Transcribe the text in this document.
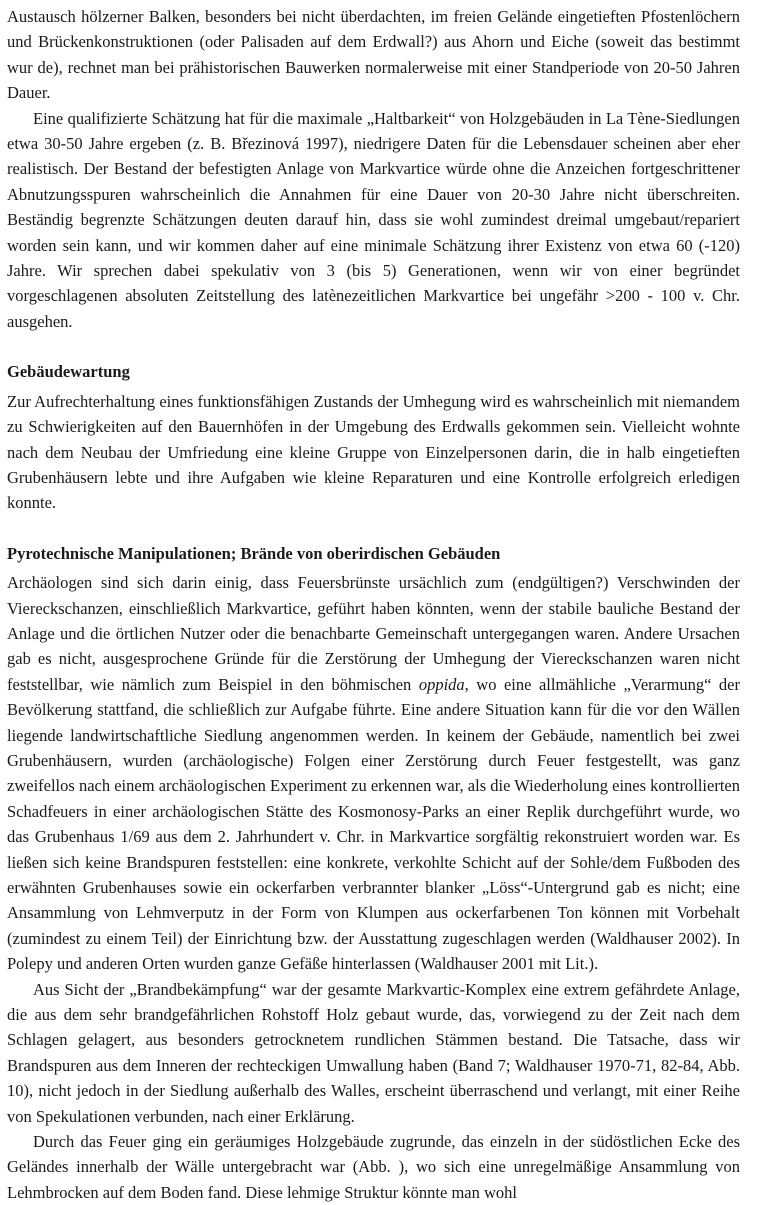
Austausch hölzerner Balken, besonders bei nicht überdachten, im freien Gelände eingetieften Pfostenlöchern und Brückenkonstruktionen (oder Palisaden auf dem Erdwall?) aus Ahorn und Eiche (soweit das bestimmt wur de), rechnet man bei prähistorischen Bauwerken normalerweise mit einer Standperiode von 20-50 Jahren Dauer.

Eine qualifizierte Schätzung hat für die maximale „Haltbarkeit“ von Holzgebäuden in La Tène-Siedlungen etwa 30-50 Jahre ergeben (z. B. Březinová 1997), niedrigere Daten für die Lebensdauer scheinen aber eher realistisch. Der Bestand der befestigten Anlage von Markvartice würde ohne die Anzeichen fortgeschrittener Abnutzungsspuren wahrscheinlich die Annahmen für eine Dauer von 20-30 Jahre nicht überschreiten. Beständig begrenzte Schätzungen deuten darauf hin, dass sie wohl zumindest dreimal umgebaut/repariert worden sein kann, und wir kommen daher auf eine minimale Schätzung ihrer Existenz von etwa 60 (-120) Jahre. Wir sprechen dabei spekulativ von 3 (bis 5) Generationen, wenn wir von einer begründet vorgeschlagenen absoluten Zeitstellung des latènezeitlichen Markvartice bei ungefähr >200 - 100 v. Chr. ausgehen.

Gebäudewartung

Zur Aufrechterhaltung eines funktionsfähigen Zustands der Umhegung wird es wahrscheinlich mit niemandem zu Schwierigkeiten auf den Bauernhöfen in der Umgebung des Erdwalls gekommen sein. Vielleicht wohnte nach dem Neubau der Umfriedung eine kleine Gruppe von Einzelpersonen darin, die in halb eingetieften Grubenhäusern lebte und ihre Aufgaben wie kleine Reparaturen und eine Kontrolle erfolgreich erledigen konnte.

Pyrotechnische Manipulationen; Brände von oberirdischen Gebäuden

Archäologen sind sich darin einig, dass Feuersbrünste ursächlich zum (endgültigen?) Verschwinden der Viereckschanzen, einschließlich Markvartice, geführt haben könnten, wenn der stabile bauliche Bestand der Anlage und die örtlichen Nutzer oder die benachbarte Gemeinschaft untergegangen waren. Andere Ursachen gab es nicht, ausgesprochene Gründe für die Zerstörung der Umhegung der Viereckschanzen waren nicht feststellbar, wie nämlich zum Beispiel in den böhmischen oppida, wo eine allmähliche „Verarmung“ der Bevölkerung stattfand, die schließlich zur Aufgabe führte. Eine andere Situation kann für die vor den Wällen liegende landwirtschaftliche Siedlung angenommen werden. In keinem der Gebäude, namentlich bei zwei Grubenhäusern, wurden (archäologische) Folgen einer Zerstörung durch Feuer festgestellt, was ganz zweifellos nach einem archäologischen Experiment zu erkennen war, als die Wiederholung eines kontrollierten Schadfeuers in einer archäologischen Stätte des Kosmonosy-Parks an einer Replik durchgeführt wurde, wo das Grubenhaus 1/69 aus dem 2. Jahrhundert v. Chr. in Markvartice sorgfältig rekonstruiert worden war. Es ließen sich keine Brandspuren feststellen: eine konkrete, verkohlte Schicht auf der Sohle/dem Fußboden des erwähnten Grubenhauses sowie ein ockerfarben verbrannter blanker „Löss“-Untergrund gab es nicht; eine Ansammlung von Lehmverputz in der Form von Klumpen aus ockerfarbenen Ton können mit Vorbehalt (zumindest zu einem Teil) der Einrichtung bzw. der Ausstattung zugeschlagen werden (Waldhauser 2002). In Polepy und anderen Orten wurden ganze Gefäße hinterlassen (Waldhauser 2001 mit Lit.).

Aus Sicht der „Brandbekämpfung“ war der gesamte Markvartic-Komplex eine extrem gefährdete Anlage, die aus dem sehr brandgefährlichen Rohstoff Holz gebaut wurde, das, vorwiegend zu der Zeit nach dem Schlagen gelagert, aus besonders getrocknetem rundlichen Stämmen bestand. Die Tatsache, dass wir Brandspuren aus dem Inneren der rechteckigen Umwallung haben (Band 7; Waldhauser 1970-71, 82-84, Abb. 10), nicht jedoch in der Siedlung außerhalb des Walles, erscheint überraschend und verlangt, mit einer Reihe von Spekulationen verbunden, nach einer Erklärung.

Durch das Feuer ging ein geräumiges Holzgebäude zugrunde, das einzeln in der südöstlichen Ecke des Geländes innerhalb der Wälle untergebracht war (Abb. ), wo sich eine unregelmäßige Ansammlung von Lehmbrocken auf dem Boden fand. Diese lehmige Struktur könnte man wohl
